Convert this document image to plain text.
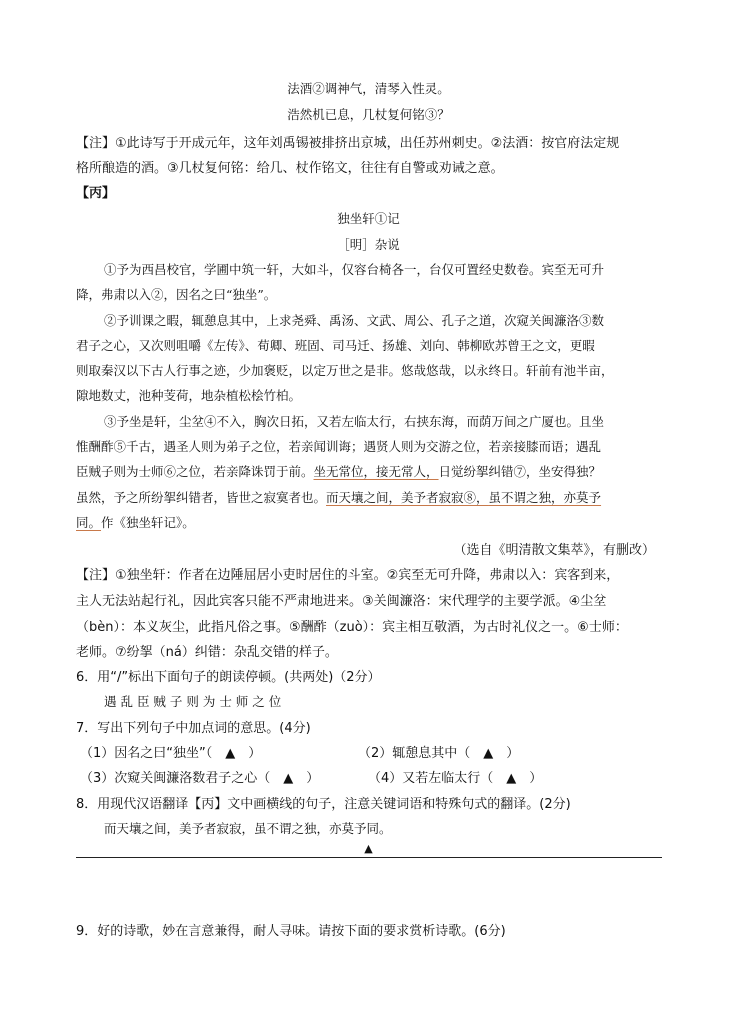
法酒②调神气，清琴入性灵。
浩然机已息，几杖复何铭③？
【注】①此诗写于开成元年，这年刘禹锡被排挤出京城，出任苏州刺史。②法酒：按官府法定规
格所酿造的酒。③几杖复何铭：给几、杖作铭文，往往有自警或劝诫之意。
【丙】
独坐轩①记
［明］杂说
①予为西昌校官，学圃中筑一轩，大如斗，仅容台椅各一，台仅可置经史数卷。宾至无可升
降，弗肃以入②，因名之曰“独坐”。
②予训课之暇，辄憩息其中，上求尧舜、禹汤、文武、周公、孔子之道，次窥关闽濂洛③数
君子之心，又次则咀嚼《左传》、荀卿、班固、司马迁、扬雄、刘向、韩柳欧苏曾王之文，更暇
则取秦汉以下古人行事之迹，少加褒贬，以定万世之是非。悠哉悠哉，以永终日。轩前有池半亩，
隙地数丈，池种芰荷，地杂植松桧竹柏。
③予坐是轩，尘坌④不入，胸次日拓，又若左临太行，右挟东海，而荫万间之广厦也。且坐
惟酬酢⑤千古，遇圣人则为弟子之位，若亲闻训诲；遇贤人则为交游之位，若亲接膝而语；遇乱
臣贼子则为士师⑥之位，若亲降诛罚于前。坐无常位，接无常人，日觉纷挐纠错⑦，坐安得独？
虽然，予之所纷挐纠错者，皆世之寂寞者也。而天壤之间，美予者寂寂⑧，虽不谓之独，亦莫予
同。作《独坐轩记》。
（选自《明清散文集萃》，有删改）
【注】①独坐轩：作者在边陲屈居小吏时居住的斗室。②宾至无可升降，弗肃以入：宾客到来，
主人无法站起行礼，因此宾客只能不严肃地进来。③关闽濂洛：宋代理学的主要学派。④尘坌
（bèn）：本义灰尘，此指凡俗之事。⑤酬酢（zuò）：宾主相互敬酒，为古时礼仪之一。⑥士师：
老师。⑦纷挐（ná）纠错：杂乱交错的样子。
6．用“/”标出下面句子的朗读停顿。(共两处)（2分）
遇 乱 臣 贼 子 则 为 士 师 之 位
7．写出下列句子中加点词的意思。(4分)
（1）因名之曰“独坐”（　▲　）	（2）辄憩息其中（　▲　）
（3）次窥关闽濂洛数君子之心（　▲　）	（4）又若左临太行（　▲　）
8．用现代汉语翻译【丙】文中画横线的句子，注意关键词语和特殊句式的翻译。(2分)
而天壤之间，美予者寂寂，虽不谓之独，亦莫予同。
▲
9．好的诗歌，妙在言意兼得，耐人寻味。请按下面的要求赏析诗歌。(6分)
